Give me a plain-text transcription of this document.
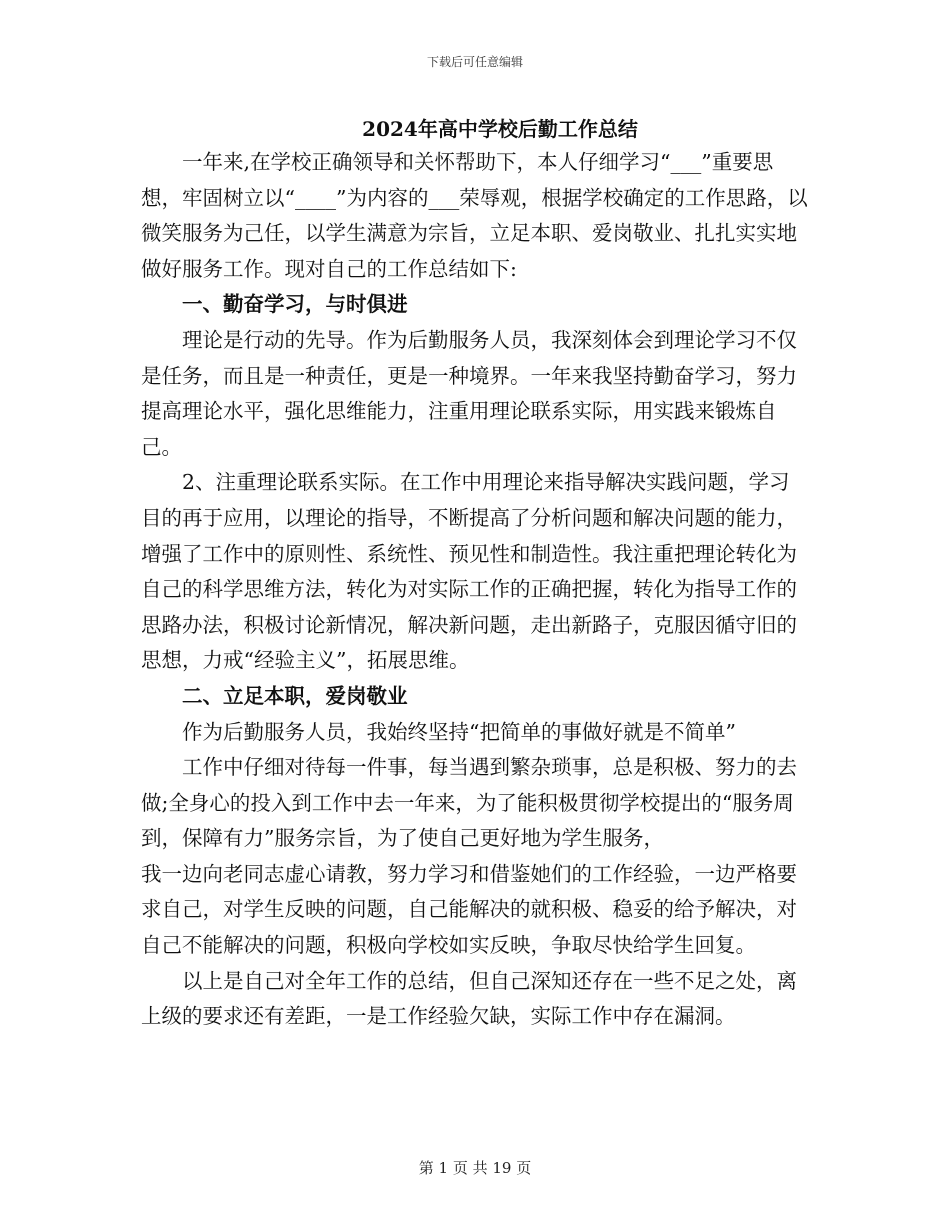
下载后可任意编辑
2024年高中学校后勤工作总结

一年来,在学校正确领导和关怀帮助下，本人仔细学习“___”重要思想，牢固树立以“____”为内容的___荣辱观，根据学校确定的工作思路，以微笑服务为己任，以学生满意为宗旨，立足本职、爱岗敬业、扎扎实实地做好服务工作。现对自己的工作总结如下:

一、勤奋学习，与时俱进

理论是行动的先导。作为后勤服务人员，我深刻体会到理论学习不仅是任务，而且是一种责任，更是一种境界。一年来我坚持勤奋学习，努力提高理论水平，强化思维能力，注重用理论联系实际，用实践来锻炼自己。

2、注重理论联系实际。在工作中用理论来指导解决实践问题，学习目的再于应用，以理论的指导，不断提高了分析问题和解决问题的能力，增强了工作中的原则性、系统性、预见性和制造性。我注重把理论转化为自己的科学思维方法，转化为对实际工作的正确把握，转化为指导工作的思路办法，积极讨论新情况，解决新问题，走出新路子，克服因循守旧的思想，力戒“经验主义”，拓展思维。

二、立足本职，爱岗敬业

作为后勤服务人员，我始终坚持“把简单的事做好就是不简单”

工作中仔细对待每一件事，每当遇到繁杂琐事，总是积极、努力的去做;全身心的投入到工作中去一年来，为了能积极贯彻学校提出的“服务周到，保障有力”服务宗旨，为了使自己更好地为学生服务，

我一边向老同志虚心请教，努力学习和借鉴她们的工作经验，一边严格要求自己，对学生反映的问题，自己能解决的就积极、稳妥的给予解决，对自己不能解决的问题，积极向学校如实反映，争取尽快给学生回复。

以上是自己对全年工作的总结，但自己深知还存在一些不足之处，离上级的要求还有差距，一是工作经验欠缺，实际工作中存在漏洞。

第 1 页 共 19 页
